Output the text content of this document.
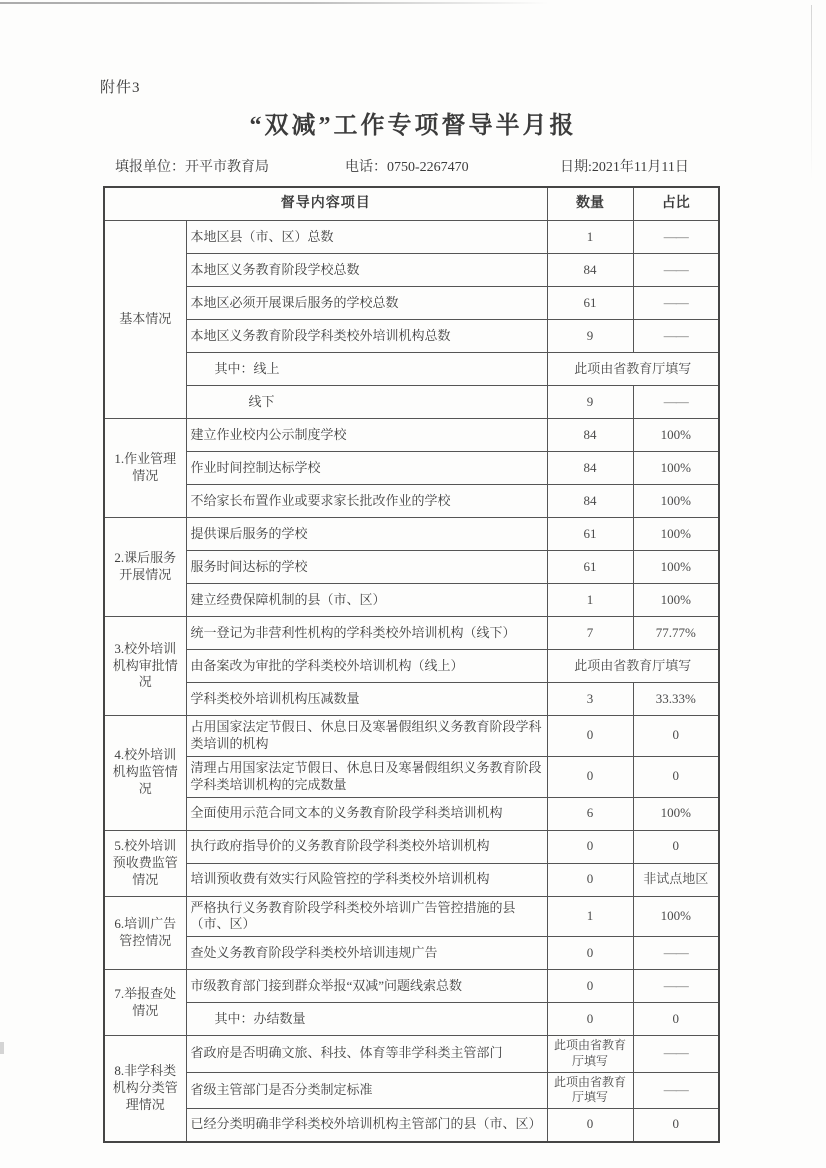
附件3
“双减”工作专项督导半月报
填报单位：开平市教育局	电话：0750-2267470	日期:2021年11月11日
督导内容项目		数量	占比
基本情况	本地区县（市、区）总数	1	——
	本地区义务教育阶段学校总数	84	——
	本地区必须开展课后服务的学校总数	61	——
	本地区义务教育阶段学科类校外培训机构总数	9	——
	其中：线上	此项由省教育厅填写	
	线下	9	——
1.作业管理情况	建立作业校内公示制度学校	84	100%
	作业时间控制达标学校	84	100%
	不给家长布置作业或要求家长批改作业的学校	84	100%
2.课后服务开展情况	提供课后服务的学校	61	100%
	服务时间达标的学校	61	100%
	建立经费保障机制的县（市、区）	1	100%
3.校外培训机构审批情况	统一登记为非营利性机构的学科类校外培训机构（线下）	7	77.77%
	由备案改为审批的学科类校外培训机构（线上）	此项由省教育厅填写	
	学科类校外培训机构压减数量	3	33.33%
4.校外培训机构监管情况	占用国家法定节假日、休息日及寒暑假组织义务教育阶段学科类培训的机构	0	0
	清理占用国家法定节假日、休息日及寒暑假组织义务教育阶段学科类培训机构的完成数量	0	0
	全面使用示范合同文本的义务教育阶段学科类培训机构	6	100%
5.校外培训预收费监管情况	执行政府指导价的义务教育阶段学科类校外培训机构	0	0
	培训预收费有效实行风险管控的学科类校外培训机构	0	非试点地区
6.培训广告管控情况	严格执行义务教育阶段学科类校外培训广告管控措施的县（市、区）	1	100%
	查处义务教育阶段学科类校外培训违规广告	0	——
7.举报查处情况	市级教育部门接到群众举报“双减”问题线索总数	0	——
	其中：办结数量	0	0
8.非学科类机构分类管理情况	省政府是否明确文旅、科技、体育等非学科类主管部门	此项由省教育厅填写	——
	省级主管部门是否分类制定标准	此项由省教育厅填写	——
	已经分类明确非学科类校外培训机构主管部门的县（市、区）	0	0
